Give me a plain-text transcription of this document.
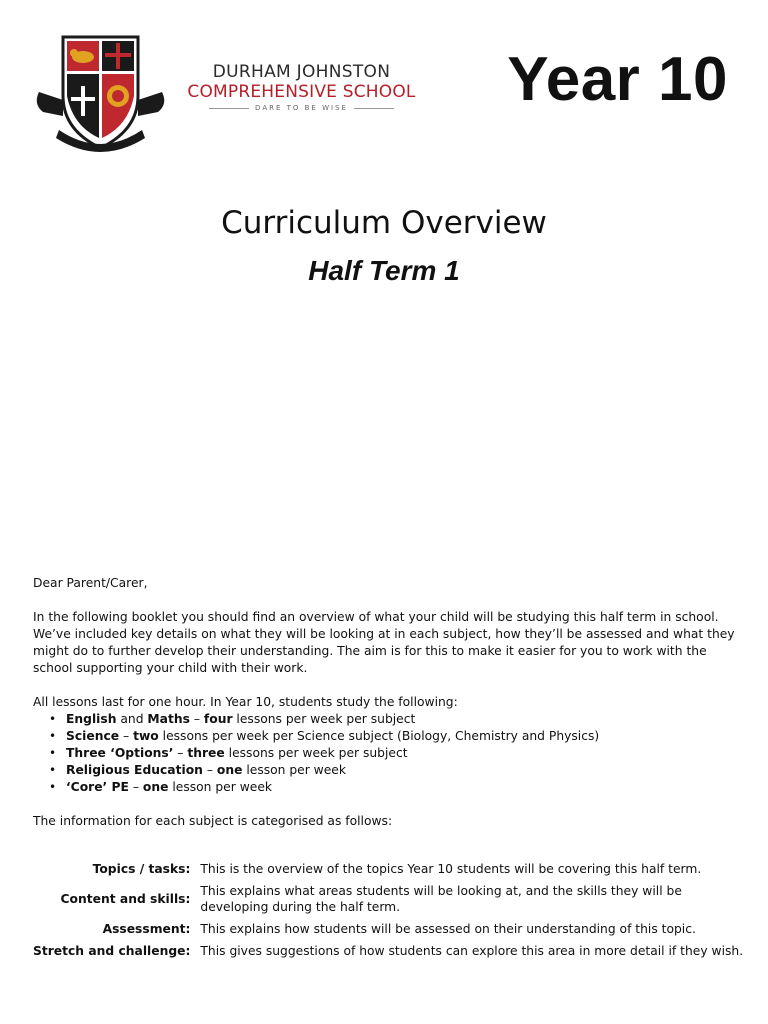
DURHAM JOHNSTON
COMPREHENSIVE SCHOOL
DARE TO BE WISE	Year 10
Curriculum Overview
Half Term 1

Dear Parent/Carer,

In the following booklet you should find an overview of what your child will be studying this half term in school. We’ve included key details on what they will be looking at in each subject, how they’ll be assessed and what they might do to further develop their understanding. The aim is for this to make it easier for you to work with the school supporting your child with their work.

All lessons last for one hour. In Year 10, students study the following:

• English and Maths – four lessons per week per subject
• Science – two lessons per week per Science subject (Biology, Chemistry and Physics)
• Three ‘Options’ – three lessons per week per subject
• Religious Education – one lesson per week
• ‘Core’ PE – one lesson per week

The information for each subject is categorised as follows:

Topics / tasks:	This is the overview of the topics Year 10 students will be covering this half term.
Content and skills:	This explains what areas students will be looking at, and the skills they will be developing during the half term.
Assessment:	This explains how students will be assessed on their understanding of this topic.
Stretch and challenge:	This gives suggestions of how students can explore this area in more detail if they wish.
